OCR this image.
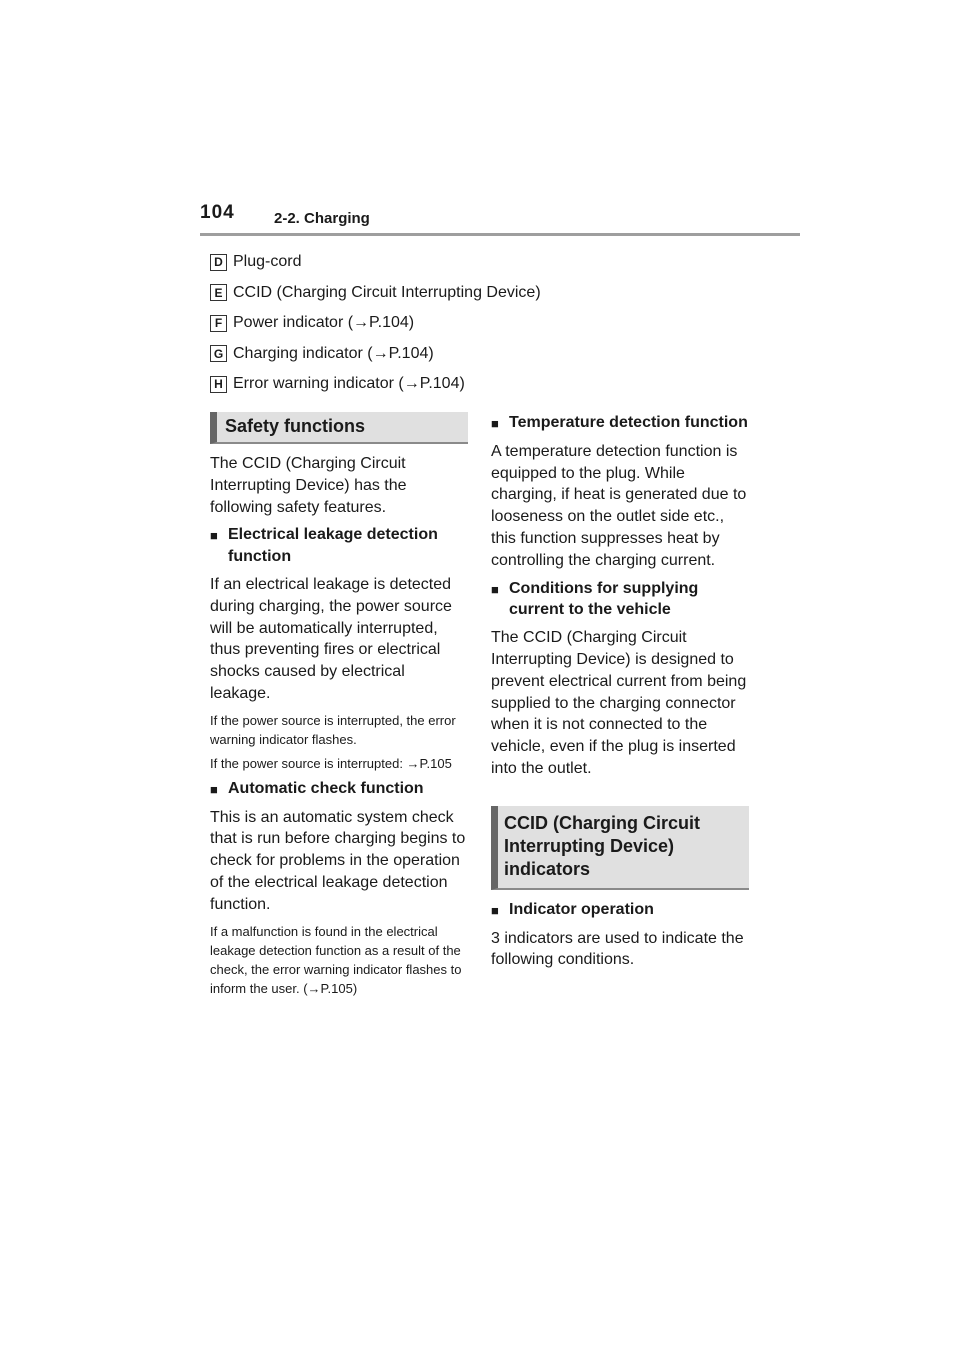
104	2-2. Charging
D Plug-cord
E CCID (Charging Circuit Interrupting Device)
F Power indicator (→P.104)
G Charging indicator (→P.104)
H Error warning indicator (→P.104)
Safety functions

The CCID (Charging Circuit Interrupting Device) has the following safety features.

■ Electrical leakage detection function

If an electrical leakage is detected during charging, the power source will be automatically interrupted, thus preventing fires or electrical shocks caused by electrical leakage.

If the power source is interrupted, the error warning indicator flashes.

If the power source is interrupted: →P.105

■ Automatic check function

This is an automatic system check that is run before charging begins to check for problems in the operation of the electrical leakage detection function.

If a malfunction is found in the electrical leakage detection function as a result of the check, the error warning indicator flashes to inform the user. (→P.105)

■ Temperature detection function

A temperature detection function is equipped to the plug. While charging, if heat is generated due to looseness on the outlet side etc., this function suppresses heat by controlling the charging current.

■ Conditions for supplying current to the vehicle

The CCID (Charging Circuit Interrupting Device) is designed to prevent electrical current from being supplied to the charging connector when it is not connected to the vehicle, even if the plug is inserted into the outlet.

CCID (Charging Circuit Interrupting Device) indicators
■ Indicator operation

3 indicators are used to indicate the following conditions.
